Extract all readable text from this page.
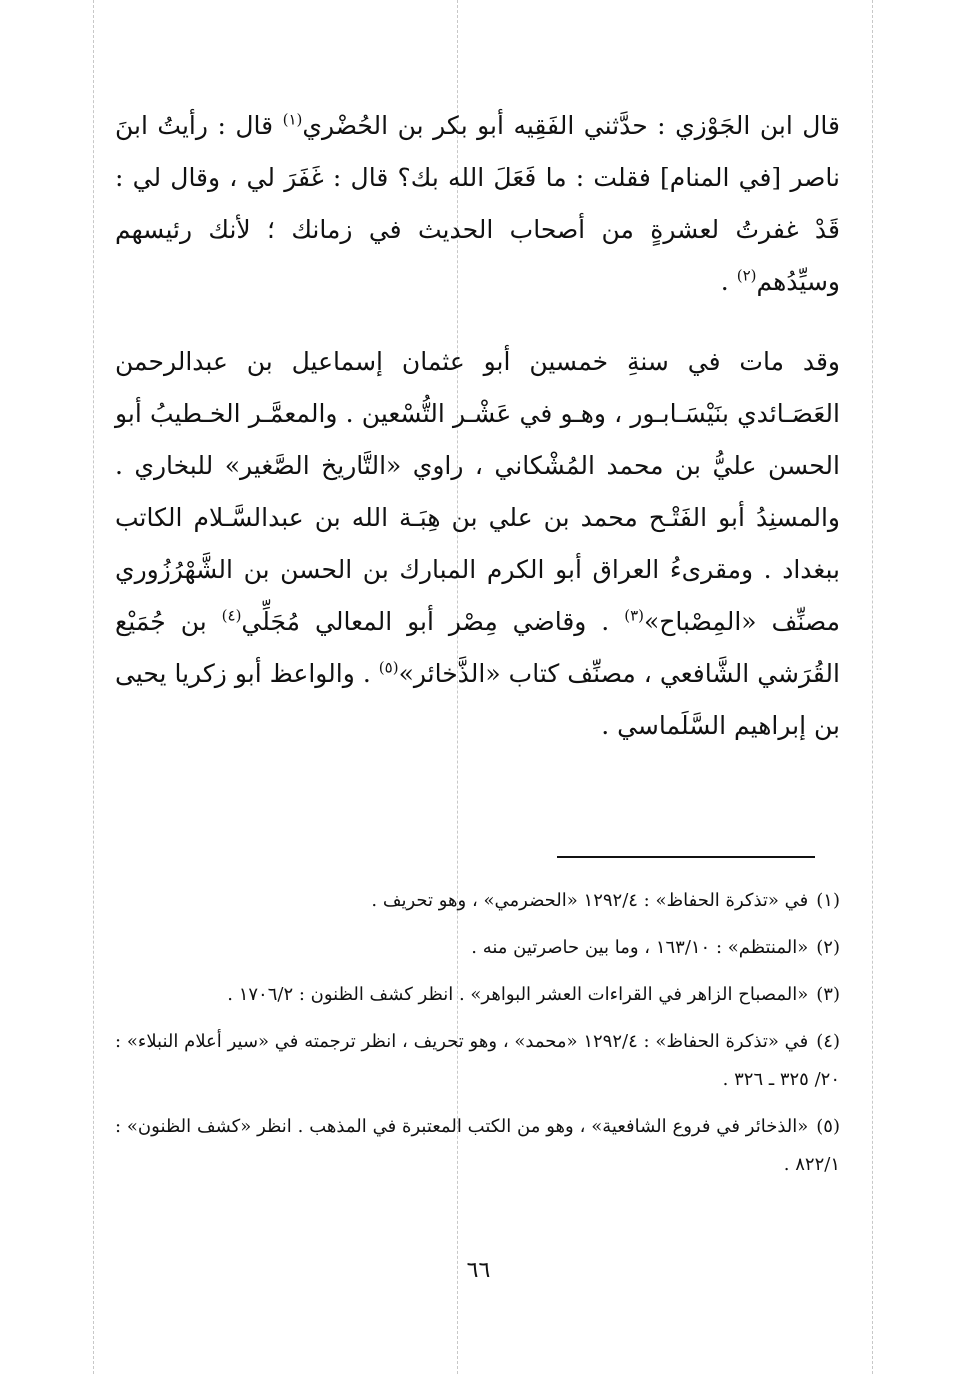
قال ابن الجَوْزي : حدَّثني الفَقِيه أبو بكر بن الحُضْري$^{(١)}$ قال : رأيتُ ابنَ ناصر [في المنام] فقلت : ما فَعَلَ الله بك؟ قال : غَفَرَ لي ، وقال لي : قَدْ غفرتُ لعشرةٍ من أصحاب الحديث في زمانك ؛ لأنك رئيسهم وسيِّدُهم$^{(٢)}$ .

وقد مات في سنةِ خمسين أبو عثمان إسماعيل بن عبدالرحمن العَصَـائدي بنَيْسَـابـور ، وهـو في عَشْـر التُّسْعين . والمعمَّـر الخـطيبُ أبو الحسن عليُّ بن محمد المُشْكاني ، راوي «التَّاريخ الصَّغير» للبخاري . والمسنِدُ أبو الفَتْـح محمد بن علي بن هِبَـة الله بن عبدالسَّـلام الكاتب ببغداد . ومقرىءُ العراق أبو الكرم المبارك بن الحسن بن الشَّهْرُزُوري مصنِّف «المِصْباح»$^{(٣)}$ . وقاضي مِصْر أبو المعالي مُجَلِّي$^{(٤)}$ بن جُمَيْع القُرَشي الشَّافعي ، مصنِّف كتاب «الذَّخائر»$^{(٥)}$ . والواعظ أبو زكريا يحيى بن إبراهيم السَّلَماسي .

(١)في «تذكرة الحفاظ» : ١٢٩٢/٤ «الحضرمي» ، وهو تحريف .
(٢)«المنتظم» : ١٦٣/١٠ ، وما بين حاصرتين منه .
(٣)«المصباح الزاهر في القراءات العشر البواهر» . انظر كشف الظنون : ١٧٠٦/٢ .
(٤)في «تذكرة الحفاظ» : ١٢٩٢/٤ «محمد» ، وهو تحريف ، انظر ترجمته في «سير أعلام النبلاء» : ٢٠/ ٣٢٥ ـ ٣٢٦ .
(٥)«الذخائر في فروع الشافعية» ، وهو من الكتب المعتبرة في المذهب . انظر «كشف الظنون» : ٨٢٢/١ .
٦٦
